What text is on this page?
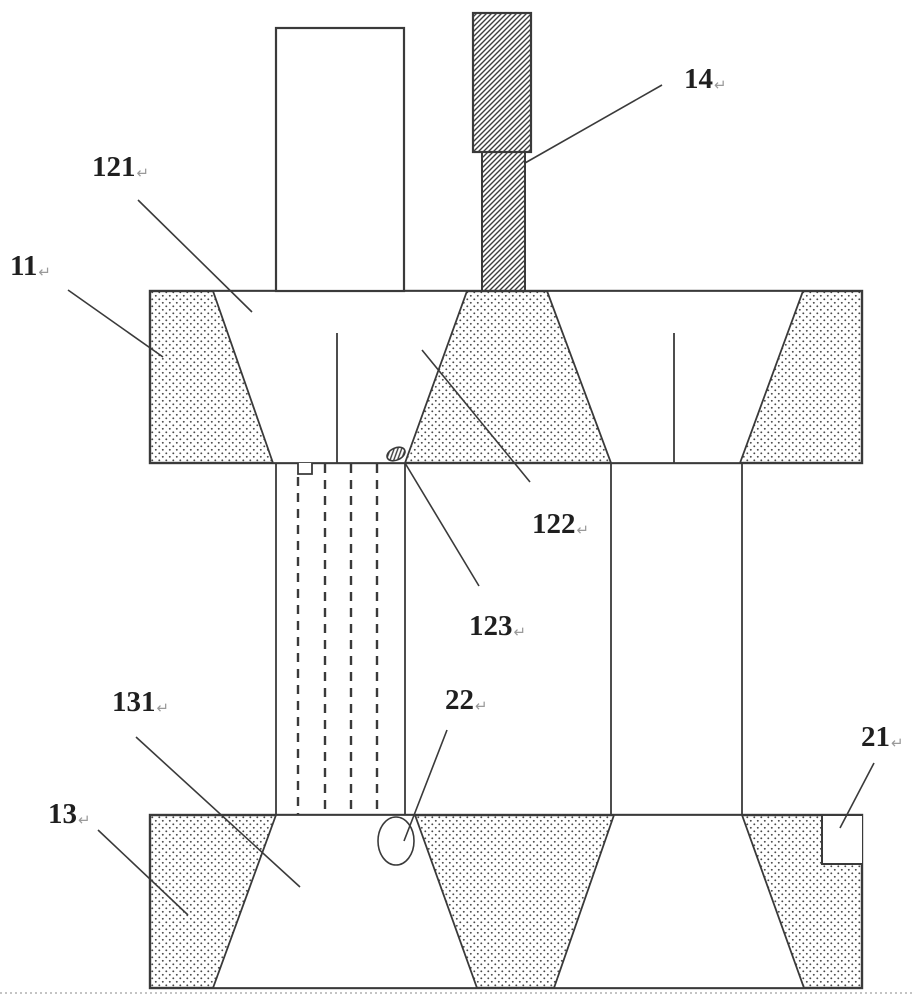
121↵
11↵
14↵
122↵
123↵
22↵
131↵
13↵
21↵
